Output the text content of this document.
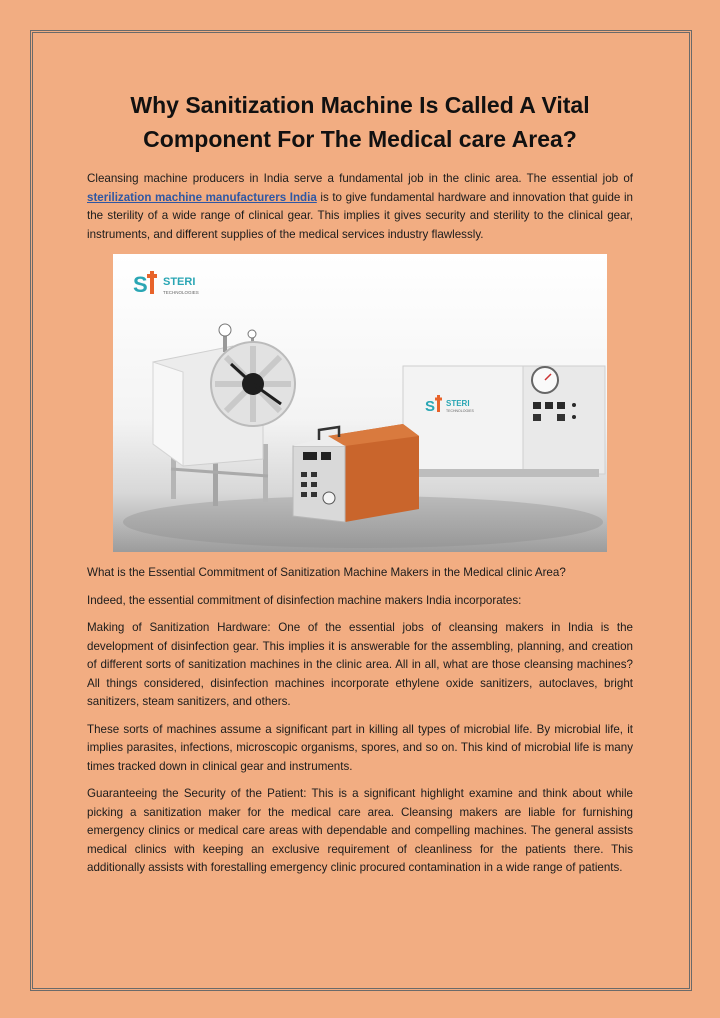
Why Sanitization Machine Is Called A Vital
Component For The Medical care Area?

Cleansing machine producers in India serve a fundamental job in the clinic area. The essential job of sterilization machine manufacturers India is to give fundamental hardware and innovation that guide in the sterility of a wide range of clinical gear. This implies it gives security and sterility to the clinical gear, instruments, and different supplies of the medical services industry flawlessly.

S STERI
TECHNOLOGIES
S STERI
TECHNOLOGIES

What is the Essential Commitment of Sanitization Machine Makers in the Medical clinic Area?

Indeed, the essential commitment of disinfection machine makers India incorporates:

Making of Sanitization Hardware: One of the essential jobs of cleansing makers in India is the development of disinfection gear. This implies it is answerable for the assembling, planning, and creation of different sorts of sanitization machines in the clinic area. All in all, what are those cleansing machines? All things considered, disinfection machines incorporate ethylene oxide sanitizers, autoclaves, bright sanitizers, steam sanitizers, and others.

These sorts of machines assume a significant part in killing all types of microbial life. By microbial life, it implies parasites, infections, microscopic organisms, spores, and so on. This kind of microbial life is many times tracked down in clinical gear and instruments.

Guaranteeing the Security of the Patient: This is a significant highlight examine and think about while picking a sanitization maker for the medical care area. Cleansing makers are liable for furnishing emergency clinics or medical care areas with dependable and compelling machines. The general assists medical clinics with keeping an exclusive requirement of cleanliness for the patients there. This additionally assists with forestalling emergency clinic procured contamination in a wide range of patients.
